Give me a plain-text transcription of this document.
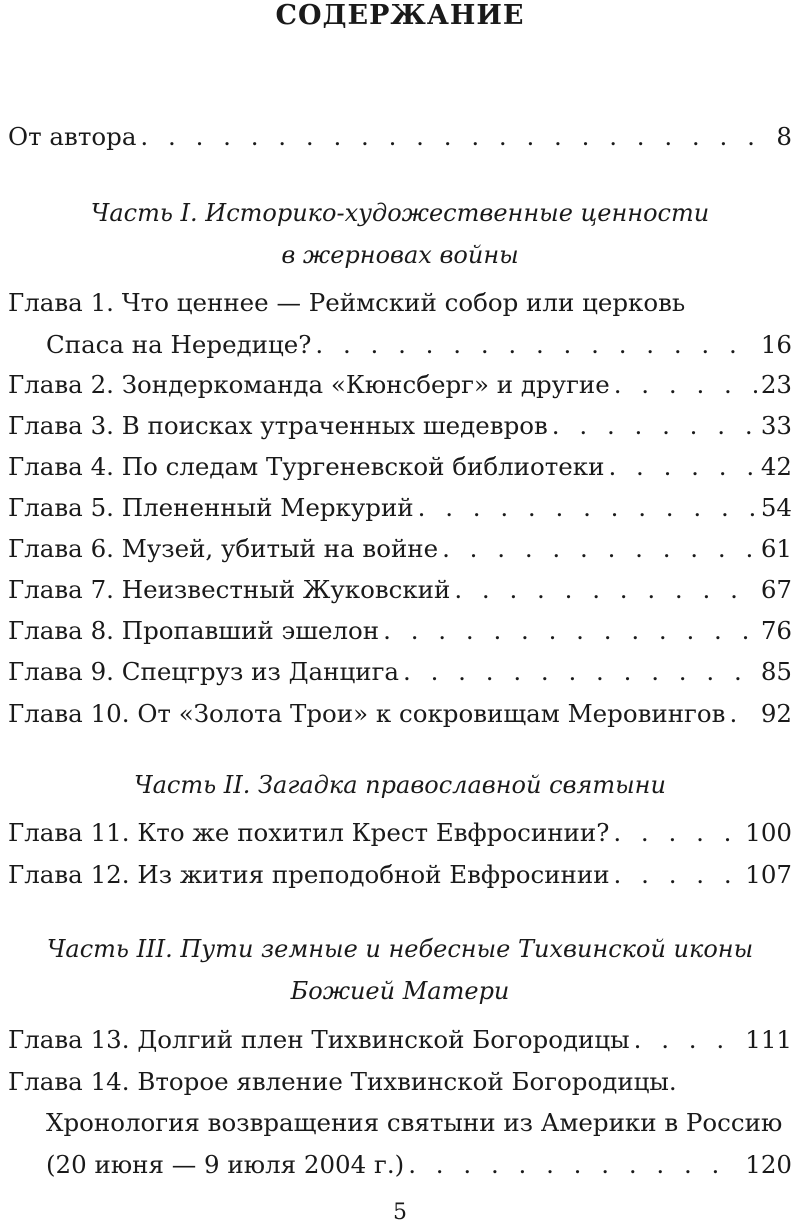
СОДЕРЖАНИЕ
От автора . . .	8
Часть I. Историко-художественные ценности
в жерновах войны
Глава 1. Что ценнее — Реймский собор или церковь
Спаса на Нередице? . . .	16
Глава 2. Зондеркоманда «Кюнсберг» и другие . . .	23
Глава 3. В поисках утраченных шедевров . . .	33
Глава 4. По следам Тургеневской библиотеки . . .	42
Глава 5. Плененный Меркурий . . .	54
Глава 6. Музей, убитый на войне . . .	61
Глава 7. Неизвестный Жуковский . . .	67
Глава 8. Пропавший эшелон . . .	76
Глава 9. Спецгруз из Данцига . . .	85
Глава 10. От «Золота Трои» к сокровищам Меровингов . . . 92
Часть II. Загадка православной святыни
Глава 11. Кто же похитил Крест Евфросинии? . . .	100
Глава 12. Из жития преподобной Евфросинии . . .	107
Часть III. Пути земные и небесные Тихвинской иконы
Божией Матери
Глава 13. Долгий плен Тихвинской Богородицы . . .	111
Глава 14. Второе явление Тихвинской Богородицы.
Хронология возвращения святыни из Америки в Россию
(20 июня — 9 июля 2004 г.) . . .	120
5
